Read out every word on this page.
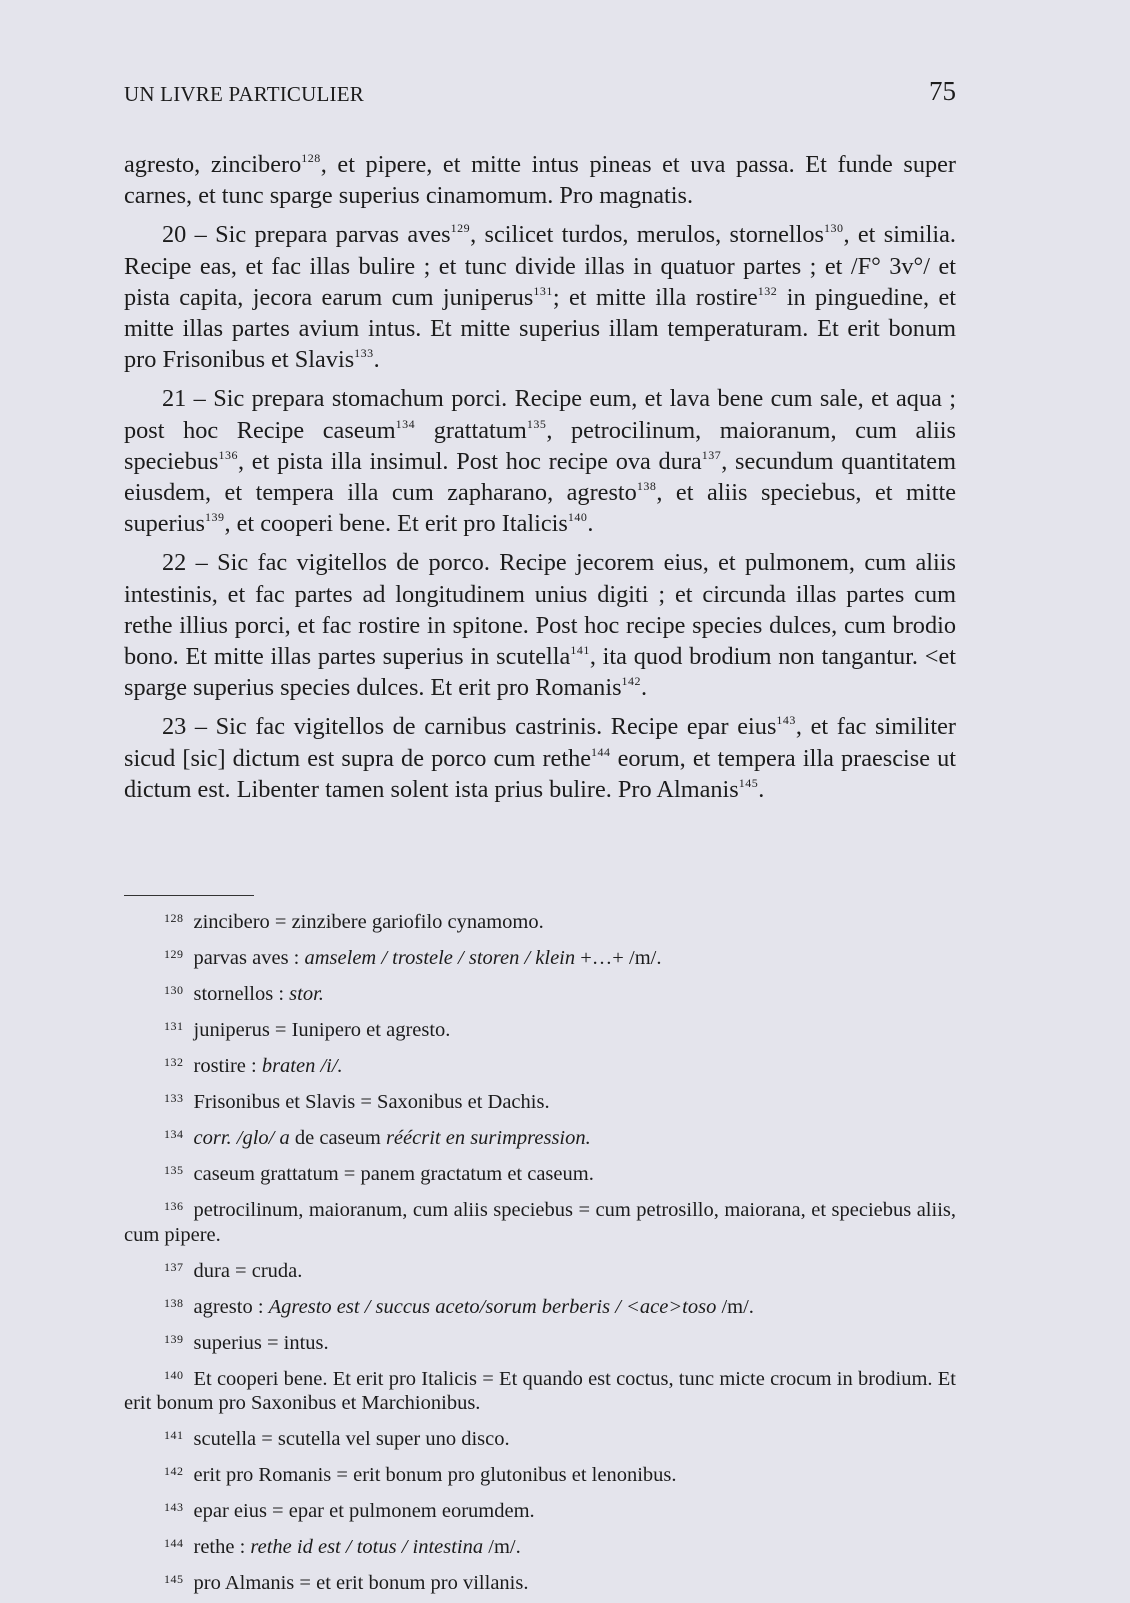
UN LIVRE PARTICULIER	75

agresto, zincibero$^{128}$, et pipere, et mitte intus pineas et uva passa. Et funde super carnes, et tunc sparge superius cinamomum. Pro magnatis.

20 – Sic prepara parvas aves$^{129}$, scilicet turdos, merulos, stornellos$^{130}$, et similia. Recipe eas, et fac illas bulire ; et tunc divide illas in quatuor partes ; et /F° 3v°/ et pista capita, jecora earum cum juniperus$^{131}$; et mitte illa rostire$^{132}$ in pinguedine, et mitte illas partes avium intus. Et mitte superius illam temperaturam. Et erit bonum pro Frisonibus et Slavis$^{133}$.

21 – Sic prepara stomachum porci. Recipe eum, et lava bene cum sale, et aqua ; post hoc Recipe caseum$^{134}$ grattatum$^{135}$, petrocilinum, maioranum, cum aliis speciebus$^{136}$, et pista illa insimul. Post hoc recipe ova dura$^{137}$, secundum quantitatem eiusdem, et tempera illa cum zapharano, agresto$^{138}$, et aliis speciebus, et mitte superius$^{139}$, et cooperi bene. Et erit pro Italicis$^{140}$.

22 – Sic fac vigitellos de porco. Recipe jecorem eius, et pulmonem, cum aliis intestinis, et fac partes ad longitudinem unius digiti ; et circunda illas partes cum rethe illius porci, et fac rostire in spitone. Post hoc recipe species dulces, cum brodio bono. Et mitte illas partes superius in scutella$^{141}$, ita quod brodium non tangantur. <et sparge superius species dulces. Et erit pro Romanis$^{142}$.

23 – Sic fac vigitellos de carnibus castrinis. Recipe epar eius$^{143}$, et fac similiter sicud [sic] dictum est supra de porco cum rethe$^{144}$ eorum, et tempera illa praescise ut dictum est. Libenter tamen solent ista prius bulire. Pro Almanis$^{145}$.

$^{128}$ zincibero = zinzibere gariofilo cynamomo.

$^{129}$ parvas aves : amselem / trostele / storen / klein +…+ /m/.

$^{130}$ stornellos : stor.

$^{131}$ juniperus = Iunipero et agresto.

$^{132}$ rostire : braten /i/.

$^{133}$ Frisonibus et Slavis = Saxonibus et Dachis.

$^{134}$ corr. /glo/ a de caseum réécrit en surimpression.

$^{135}$ caseum grattatum = panem gractatum et caseum.

$^{136}$ petrocilinum, maioranum, cum aliis speciebus = cum petrosillo, maiorana, et speciebus aliis, cum pipere.

$^{137}$ dura = cruda.

$^{138}$ agresto : Agresto est / succus aceto/sorum berberis / <ace>toso /m/.

$^{139}$ superius = intus.

$^{140}$ Et cooperi bene. Et erit pro Italicis = Et quando est coctus, tunc micte crocum in brodium. Et erit bonum pro Saxonibus et Marchionibus.

$^{141}$ scutella = scutella vel super uno disco.

$^{142}$ erit pro Romanis = erit bonum pro glutonibus et lenonibus.

$^{143}$ epar eius = epar et pulmonem eorumdem.

$^{144}$ rethe : rethe id est / totus / intestina /m/.

$^{145}$ pro Almanis = et erit bonum pro villanis.
